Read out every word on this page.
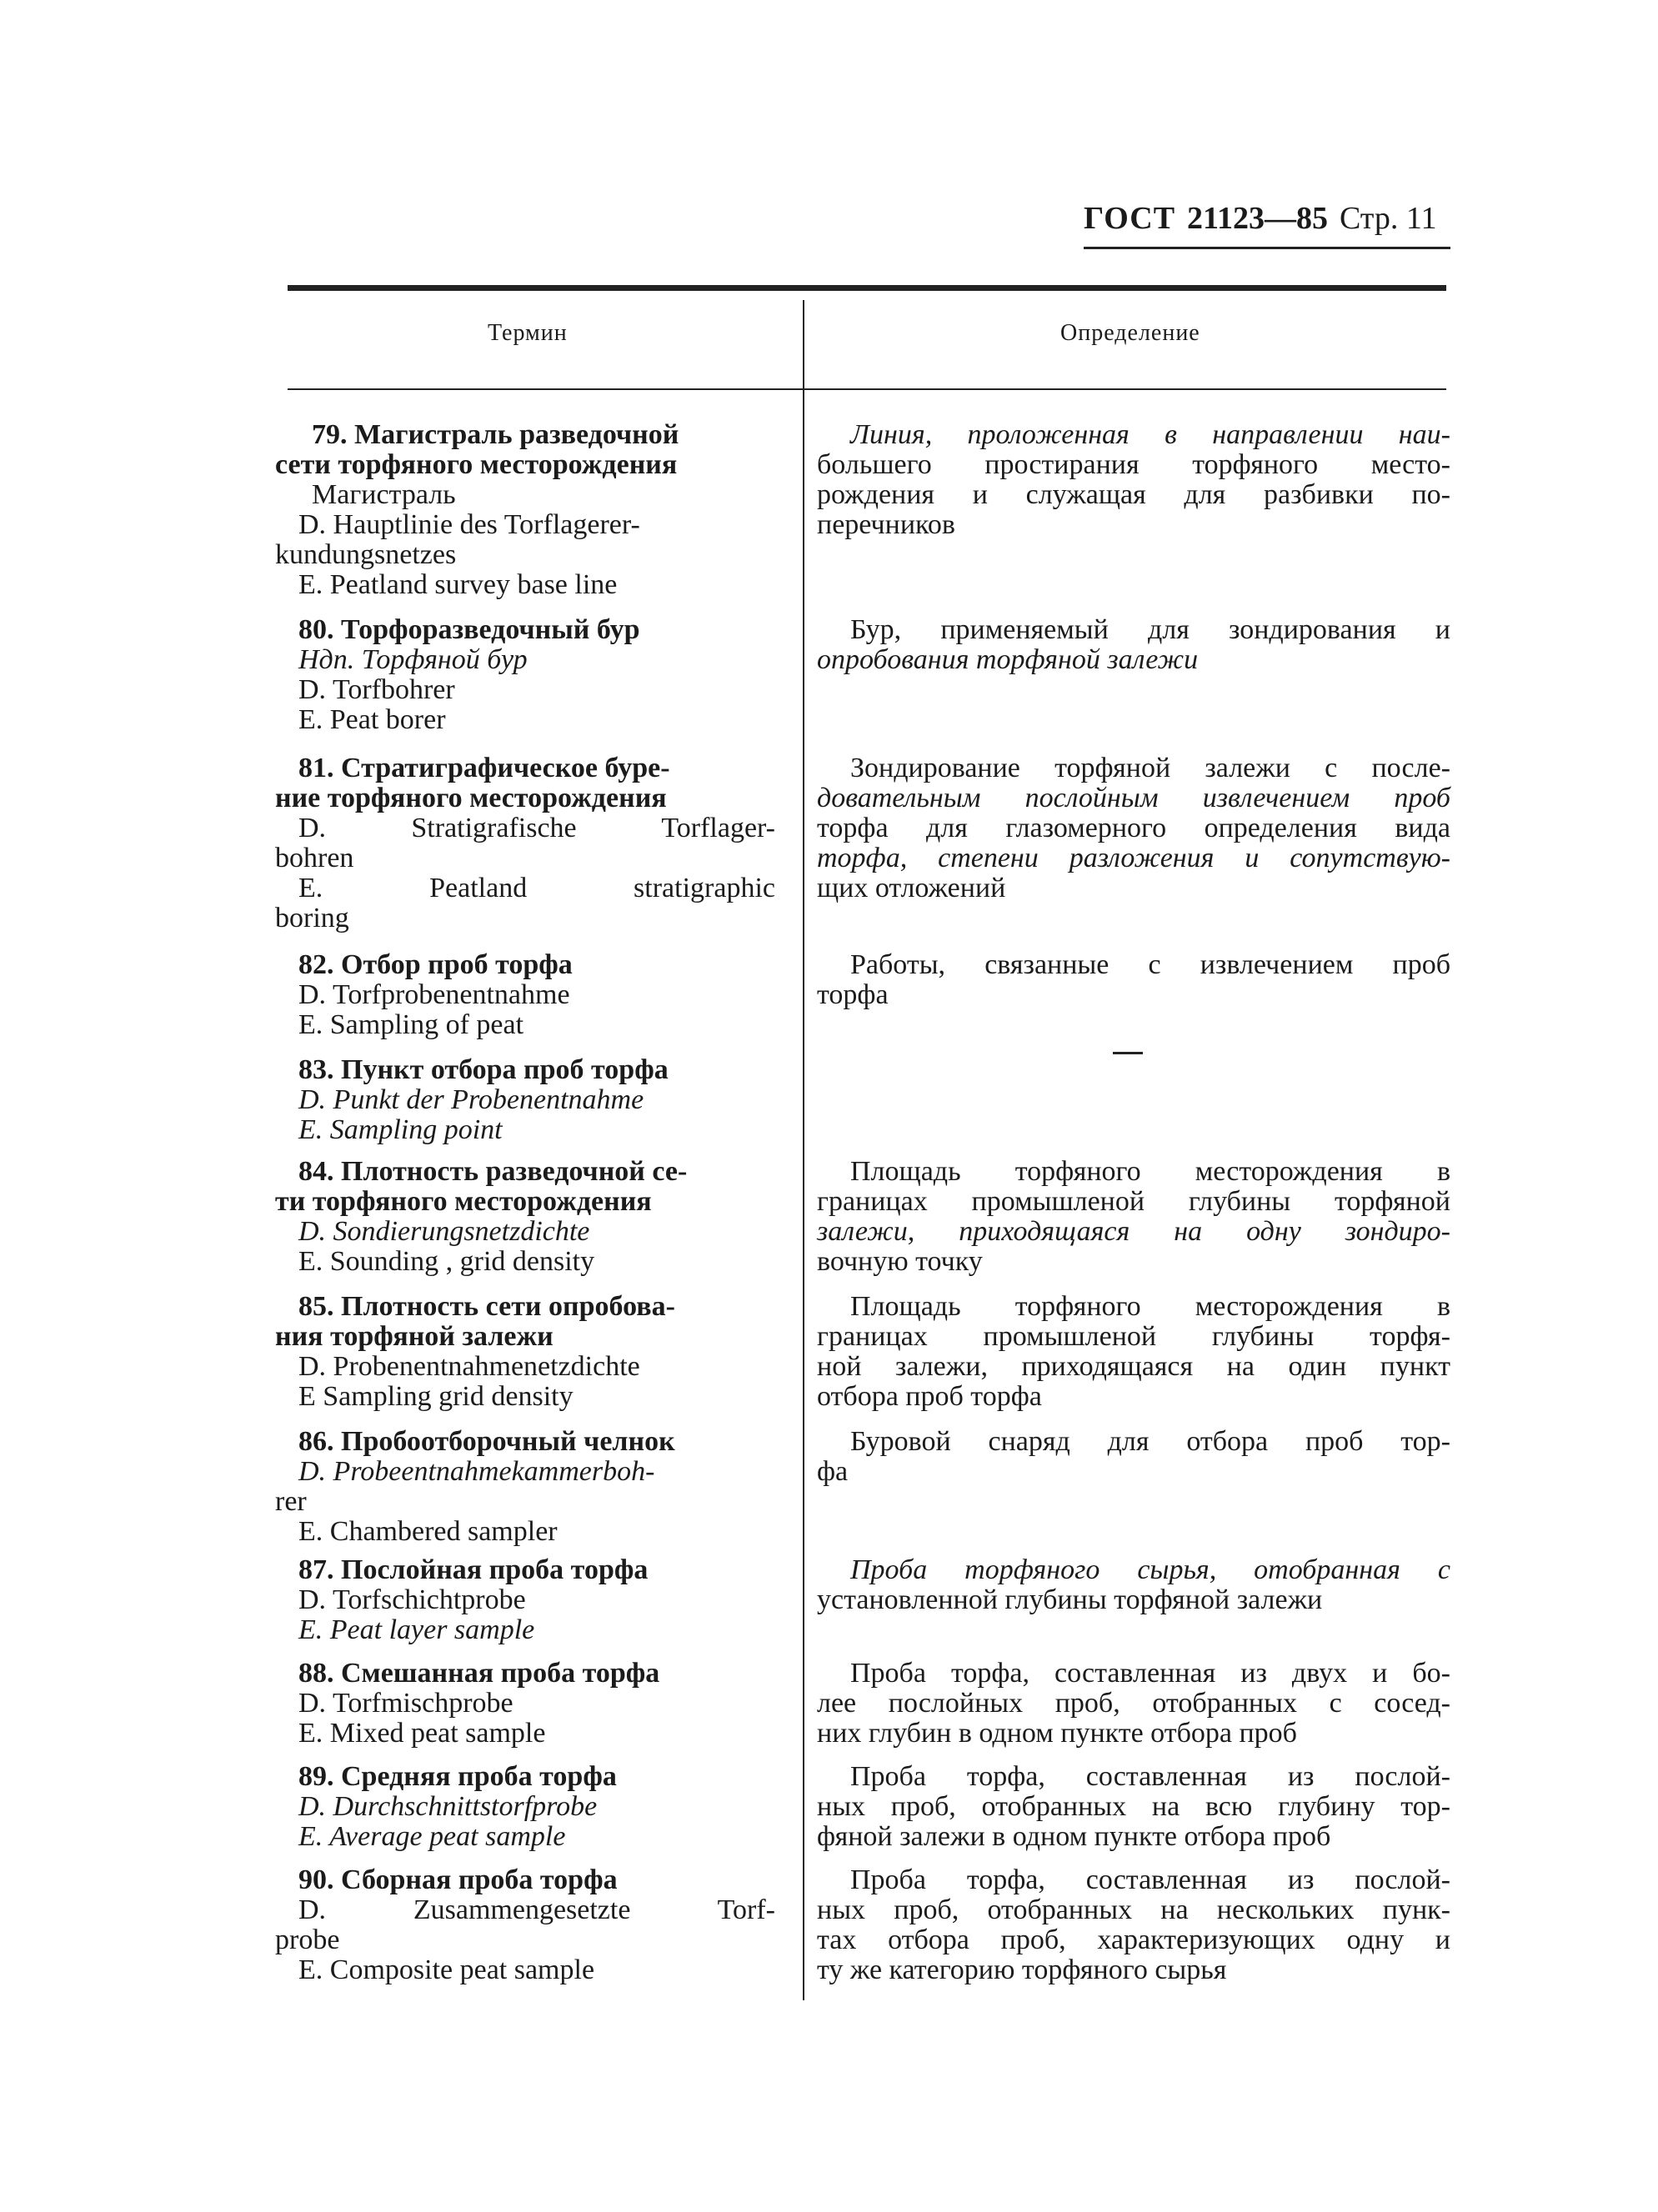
ГОСТ 21123—85 Стр. 11
Термин	Определение
79. Магистраль разведочной
сети торфяного месторождения
Магистраль
D. Hauptlinie des Torflagerer-
kundungsnetzes
E. Peatland survey base line
Линия, проложенная в направлении наи-
большего простирания торфяного место-
рождения и служащая для разбивки по-
перечников
80. Торфоразведочный бур
Ндп. Торфяной бур
D. Torfbohrer
E. Peat borer
Бур, применяемый для зондирования и
опробования торфяной залежи
81. Стратиграфическое буре-
ние торфяного месторождения
D. Stratigrafische Torflager-
bohren
E. Peatland stratigraphic
boring
Зондирование торфяной залежи с после-
довательным послойным извлечением проб
торфа для глазомерного определения вида
торфа, степени разложения и сопутствую-
щих отложений
82. Отбор проб торфа
D. Torfprobenentnahme
E. Sampling of peat
Работы, связанные с извлечением проб
торфа
83. Пункт отбора проб торфа
D. Punkt der Probenentnahme
E. Sampling point
84. Плотность разведочной се-
ти торфяного месторождения
D. Sondierungsnetzdichte
E. Sounding , grid density
Площадь торфяного месторождения в
границах промышленой глубины торфяной
залежи, приходящаяся на одну зондиро-
вочную точку
85. Плотность сети опробова-
ния торфяной залежи
D. Probenentnahmenetzdichte
E Sampling grid density
Площадь торфяного месторождения в
границах промышленой глубины торфя-
ной залежи, приходящаяся на один пункт
отбора проб торфа
86. Пробоотборочный челнок
D. Probeentnahmekammerboh-
rer
E. Chambered sampler
Буровой снаряд для отбора проб тор-
фа
87. Послойная проба торфа
D. Torfschichtprobe
E. Peat layer sample
Проба торфяного сырья, отобранная с
установленной глубины торфяной залежи
88. Смешанная проба торфа
D. Torfmischprobe
E. Mixed peat sample
Проба торфа, составленная из двух и бо-
лее послойных проб, отобранных с сосед-
них глубин в одном пункте отбора проб
89. Средняя проба торфа
D. Durchschnittstorfprobe
E. Average peat sample
Проба торфа, составленная из послой-
ных проб, отобранных на всю глубину тор-
фяной залежи в одном пункте отбора проб
90. Сборная проба торфа
D. Zusammengesetzte Torf-
probe
E. Composite peat sample
Проба торфа, составленная из послой-
ных проб, отобранных на нескольких пунк-
тах отбора проб, характеризующих одну и
ту же категорию торфяного сырья
